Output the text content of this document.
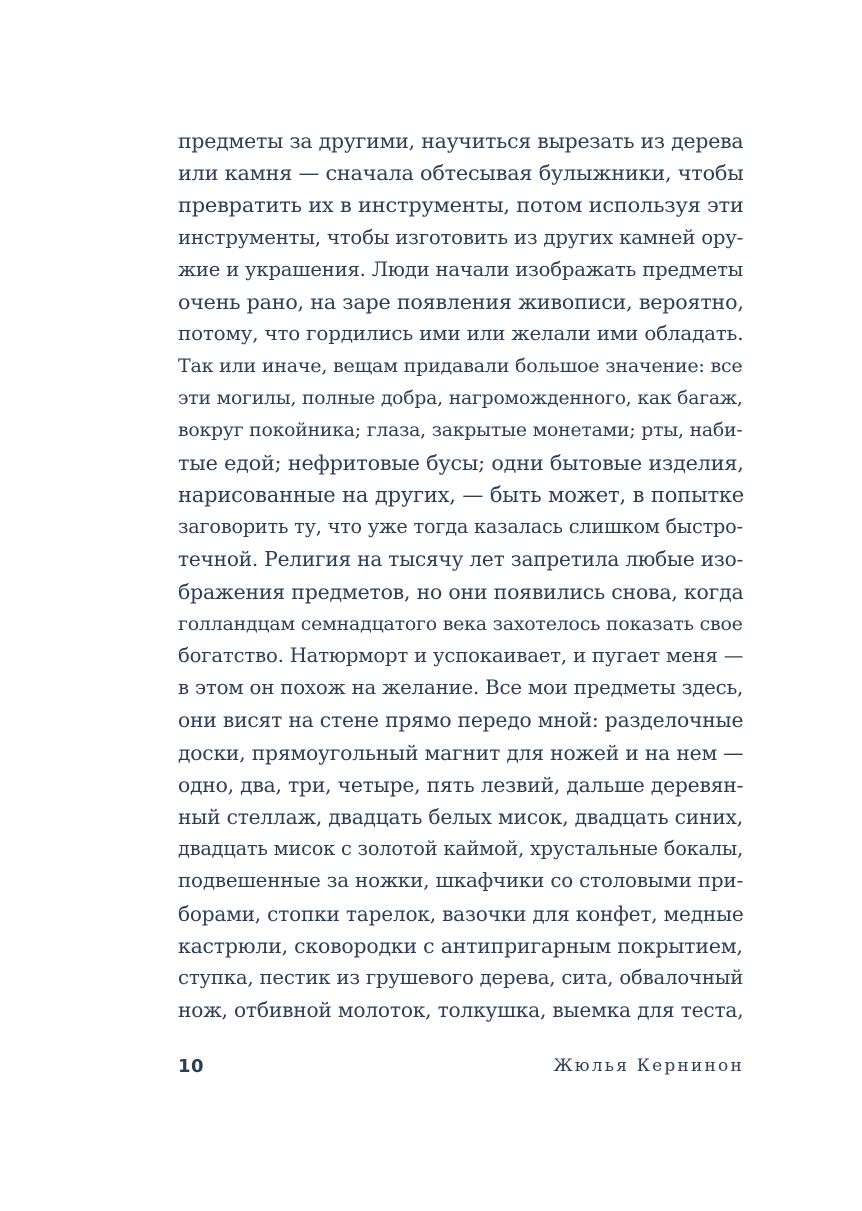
предметы за другими, научиться вырезать из дерева
или камня — сначала обтесывая булыжники, чтобы
превратить их в инструменты, потом используя эти
инструменты, чтобы изготовить из других камней ору-
жие и украшения. Люди начали изображать предметы
очень рано, на заре появления живописи, вероятно,
потому, что гордились ими или желали ими обладать.
Так или иначе, вещам придавали большое значение: все
эти могилы, полные добра, нагроможденного, как багаж,
вокруг покойника; глаза, закрытые монетами; рты, наби-
тые едой; нефритовые бусы; одни бытовые изделия,
нарисованные на других, — быть может, в попытке
заговорить ту, что уже тогда казалась слишком быстро-
течной. Религия на тысячу лет запретила любые изо-
бражения предметов, но они появились снова, когда
голландцам семнадцатого века захотелось показать свое
богатство. Натюрморт и успокаивает, и пугает меня —
в этом он похож на желание. Все мои предметы здесь,
они висят на стене прямо передо мной: разделочные
доски, прямоугольный магнит для ножей и на нем —
одно, два, три, четыре, пять лезвий, дальше деревян-
ный стеллаж, двадцать белых мисок, двадцать синих,
двадцать мисок с золотой каймой, хрустальные бокалы,
подвешенные за ножки, шкафчики со столовыми при-
борами, стопки тарелок, вазочки для конфет, медные
кастрюли, сковородки с антипригарным покрытием,
ступка, пестик из грушевого дерева, сита, обвалочный
нож, отбивной молоток, толкушка, выемка для теста,
10	Жюлья Кернинон
